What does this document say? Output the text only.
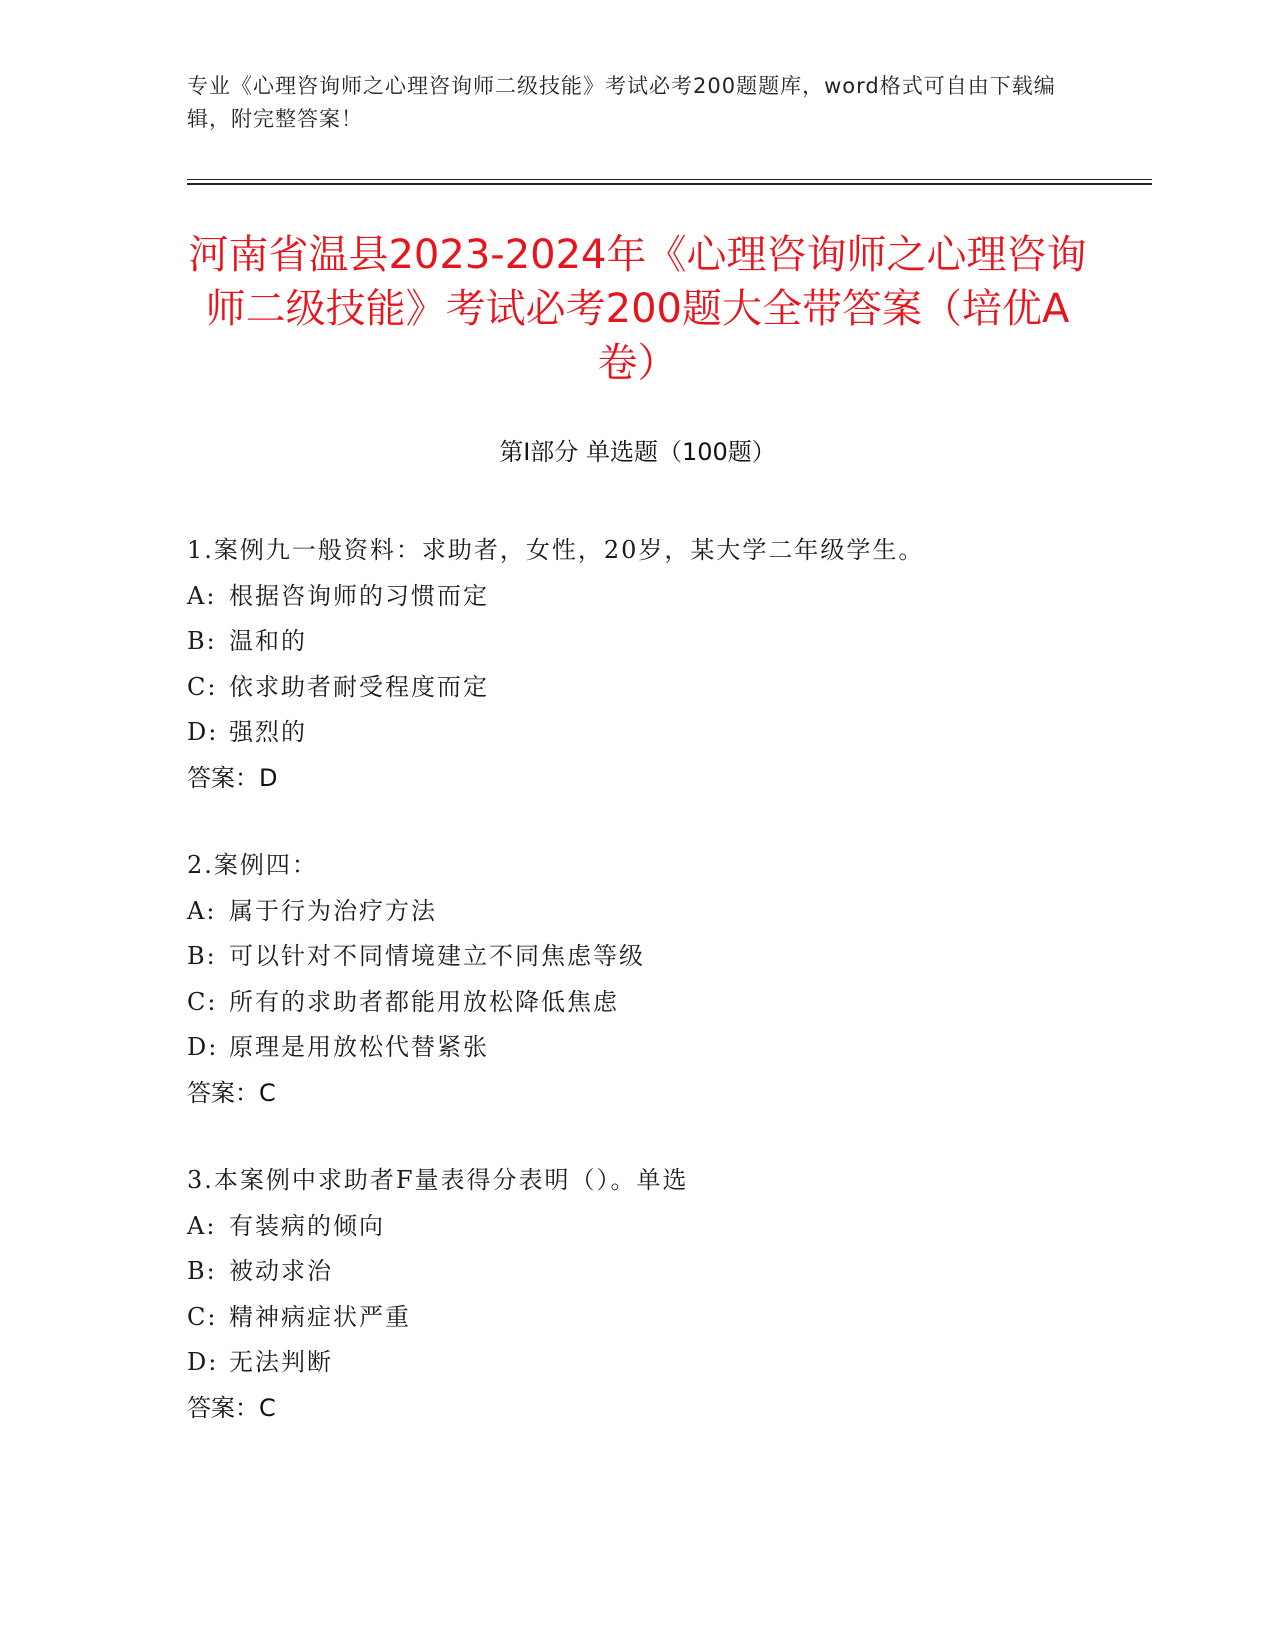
专业《心理咨询师之心理咨询师二级技能》考试必考200题题库，word格式可自由下载编辑，附完整答案！
河南省温县2023-2024年《心理咨询师之心理咨询师二级技能》考试必考200题大全带答案（培优A卷）
第Ⅰ部分 单选题（100题）
1.案例九一般资料：求助者，女性，20岁，某大学二年级学生。
A: 根据咨询师的习惯而定
B: 温和的
C: 依求助者耐受程度而定
D: 强烈的
答案：D
2.案例四：
A: 属于行为治疗方法
B: 可以针对不同情境建立不同焦虑等级
C: 所有的求助者都能用放松降低焦虑
D: 原理是用放松代替紧张
答案：C
3.本案例中求助者F量表得分表明（）。单选
A: 有装病的倾向
B: 被动求治
C: 精神病症状严重
D: 无法判断
答案：C
